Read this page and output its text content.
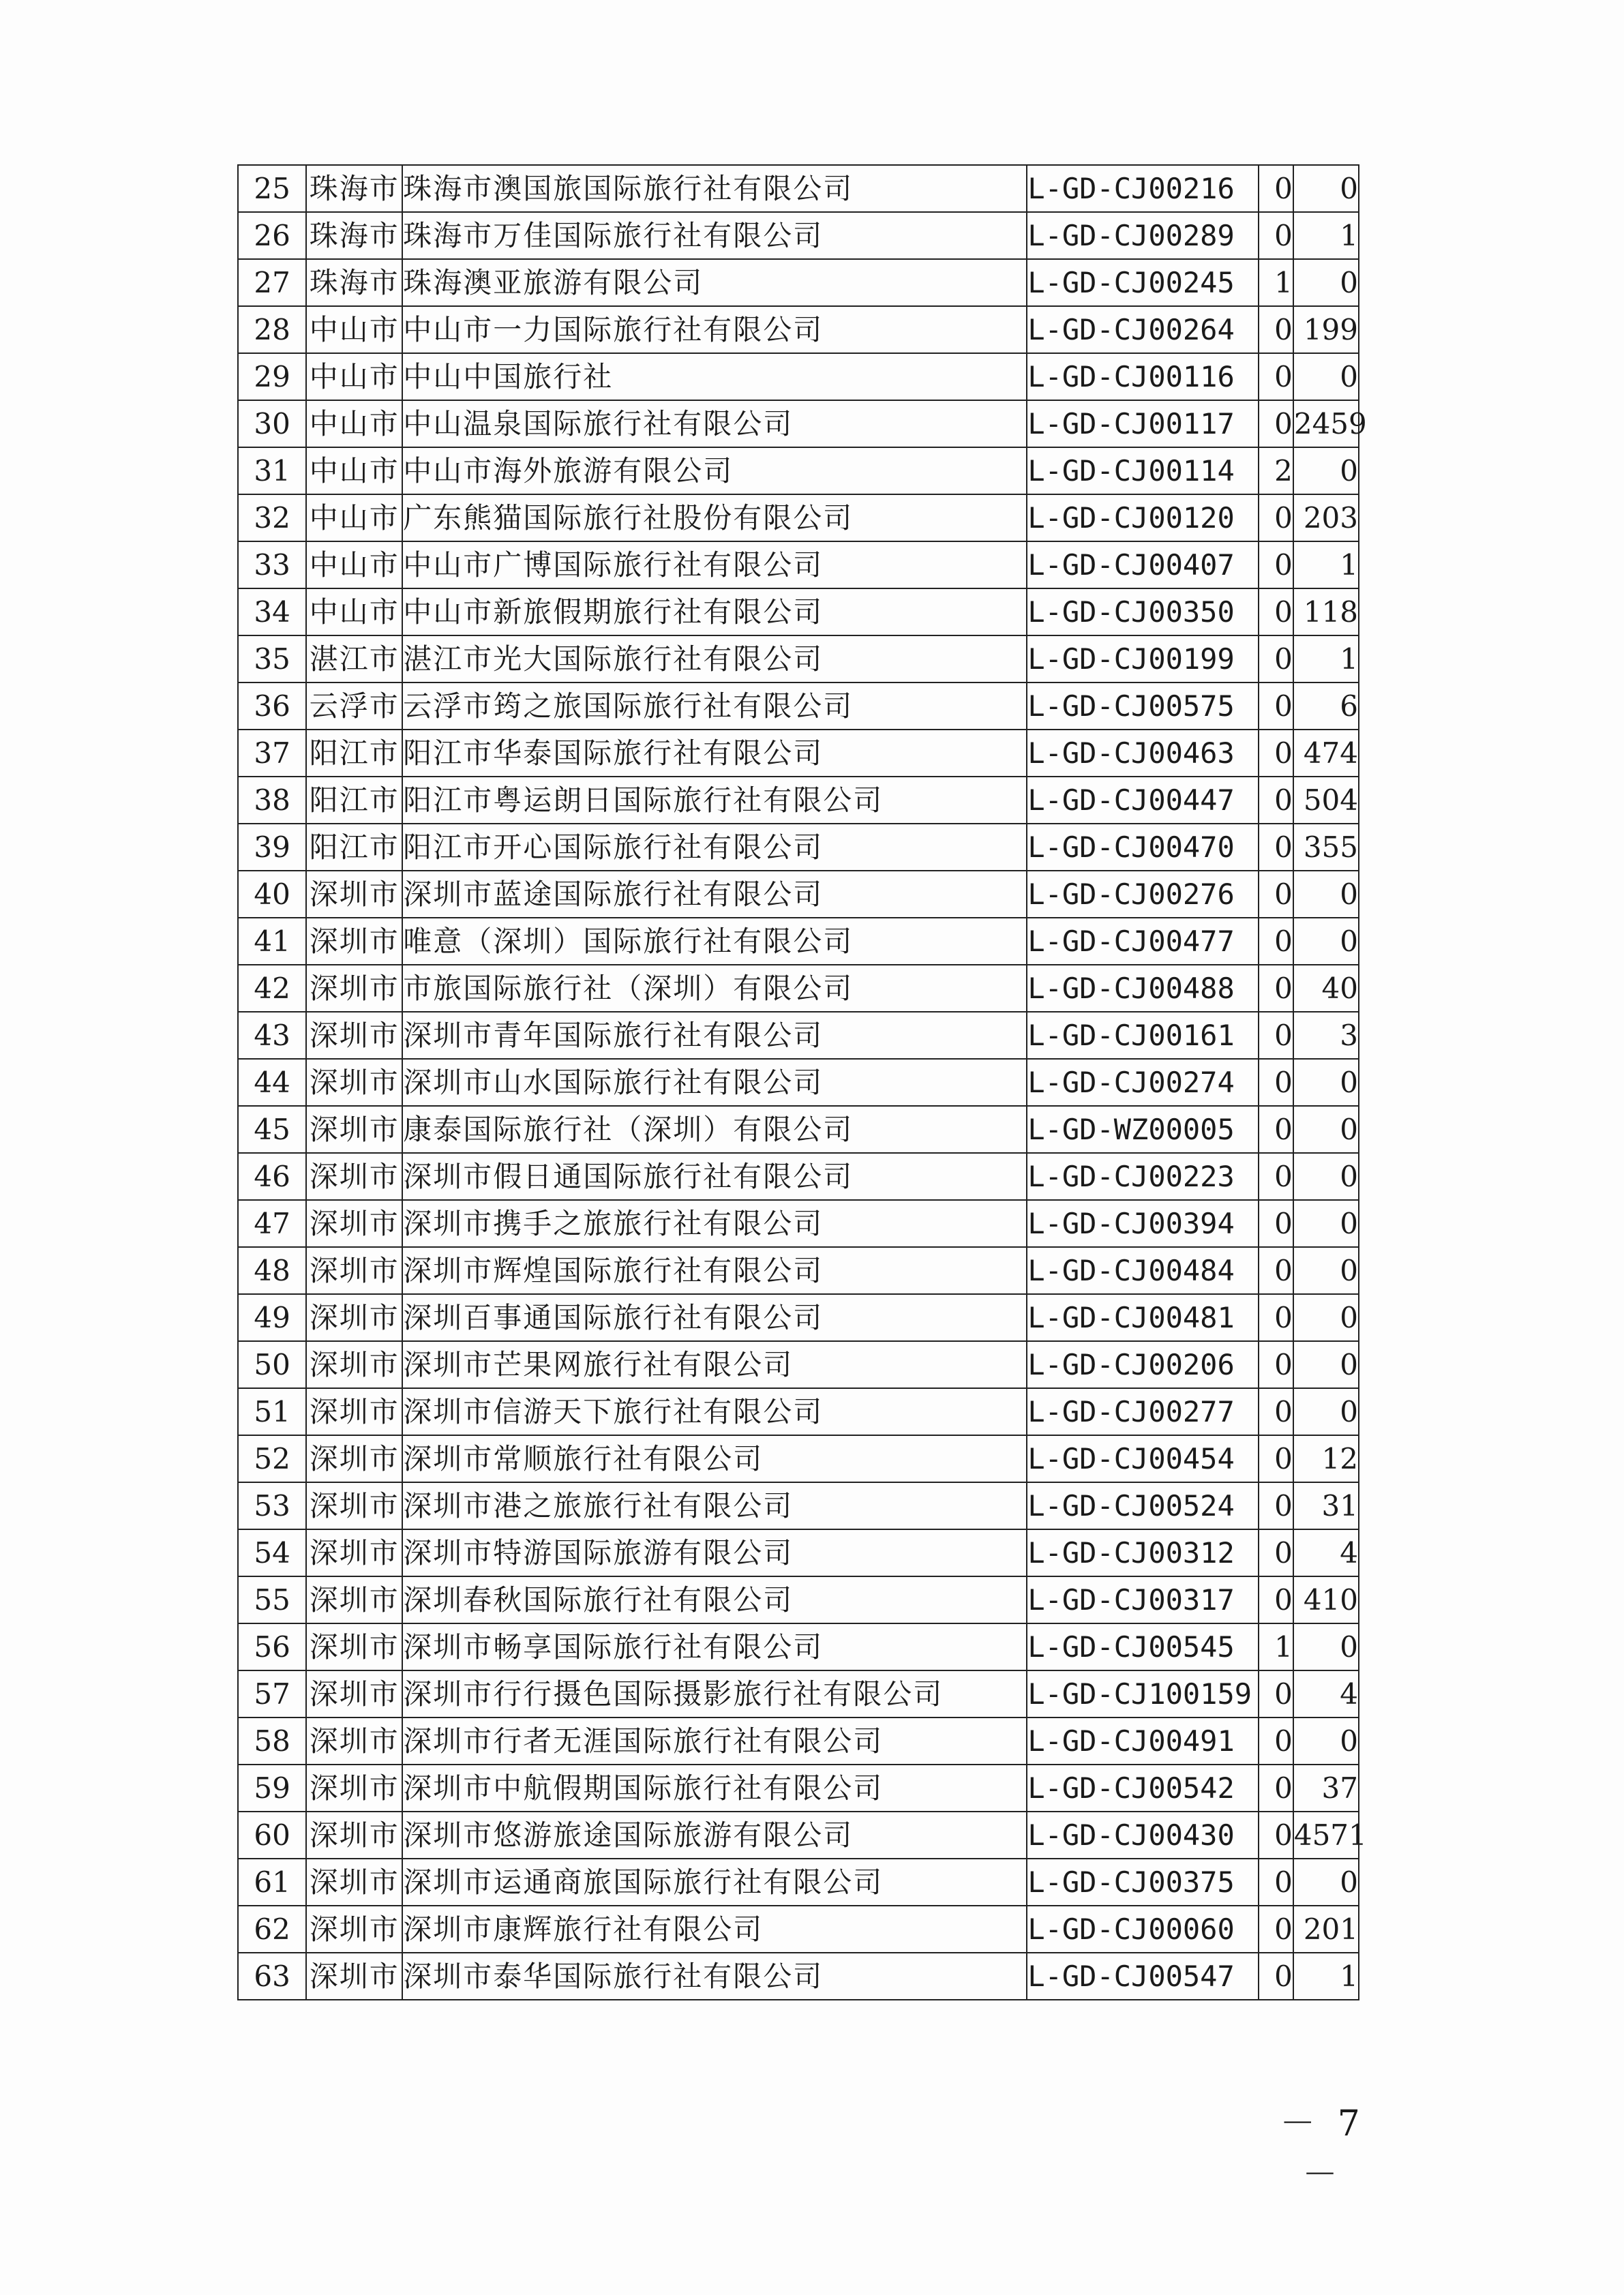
25	珠海市	珠海市澳国旅国际旅行社有限公司	L-GD-CJ00216	0	0
26	珠海市	珠海市万佳国际旅行社有限公司	L-GD-CJ00289	0	1
27	珠海市	珠海澳亚旅游有限公司	L-GD-CJ00245	1	0
28	中山市	中山市一力国际旅行社有限公司	L-GD-CJ00264	0	199
29	中山市	中山中国旅行社	L-GD-CJ00116	0	0
30	中山市	中山温泉国际旅行社有限公司	L-GD-CJ00117	0	2459
31	中山市	中山市海外旅游有限公司	L-GD-CJ00114	2	0
32	中山市	广东熊猫国际旅行社股份有限公司	L-GD-CJ00120	0	203
33	中山市	中山市广博国际旅行社有限公司	L-GD-CJ00407	0	1
34	中山市	中山市新旅假期旅行社有限公司	L-GD-CJ00350	0	118
35	湛江市	湛江市光大国际旅行社有限公司	L-GD-CJ00199	0	1
36	云浮市	云浮市筠之旅国际旅行社有限公司	L-GD-CJ00575	0	6
37	阳江市	阳江市华泰国际旅行社有限公司	L-GD-CJ00463	0	474
38	阳江市	阳江市粤运朗日国际旅行社有限公司	L-GD-CJ00447	0	504
39	阳江市	阳江市开心国际旅行社有限公司	L-GD-CJ00470	0	355
40	深圳市	深圳市蓝途国际旅行社有限公司	L-GD-CJ00276	0	0
41	深圳市	唯意（深圳）国际旅行社有限公司	L-GD-CJ00477	0	0
42	深圳市	市旅国际旅行社（深圳）有限公司	L-GD-CJ00488	0	40
43	深圳市	深圳市青年国际旅行社有限公司	L-GD-CJ00161	0	3
44	深圳市	深圳市山水国际旅行社有限公司	L-GD-CJ00274	0	0
45	深圳市	康泰国际旅行社（深圳）有限公司	L-GD-WZ00005	0	0
46	深圳市	深圳市假日通国际旅行社有限公司	L-GD-CJ00223	0	0
47	深圳市	深圳市携手之旅旅行社有限公司	L-GD-CJ00394	0	0
48	深圳市	深圳市辉煌国际旅行社有限公司	L-GD-CJ00484	0	0
49	深圳市	深圳百事通国际旅行社有限公司	L-GD-CJ00481	0	0
50	深圳市	深圳市芒果网旅行社有限公司	L-GD-CJ00206	0	0
51	深圳市	深圳市信游天下旅行社有限公司	L-GD-CJ00277	0	0
52	深圳市	深圳市常顺旅行社有限公司	L-GD-CJ00454	0	12
53	深圳市	深圳市港之旅旅行社有限公司	L-GD-CJ00524	0	31
54	深圳市	深圳市特游国际旅游有限公司	L-GD-CJ00312	0	4
55	深圳市	深圳春秋国际旅行社有限公司	L-GD-CJ00317	0	410
56	深圳市	深圳市畅享国际旅行社有限公司	L-GD-CJ00545	1	0
57	深圳市	深圳市行行摄色国际摄影旅行社有限公司	L-GD-CJ100159	0	4
58	深圳市	深圳市行者无涯国际旅行社有限公司	L-GD-CJ00491	0	0
59	深圳市	深圳市中航假期国际旅行社有限公司	L-GD-CJ00542	0	37
60	深圳市	深圳市悠游旅途国际旅游有限公司	L-GD-CJ00430	0	4571
61	深圳市	深圳市运通商旅国际旅行社有限公司	L-GD-CJ00375	0	0
62	深圳市	深圳市康辉旅行社有限公司	L-GD-CJ00060	0	201
63	深圳市	深圳市泰华国际旅行社有限公司	L-GD-CJ00547	0	1
－ 7 －
